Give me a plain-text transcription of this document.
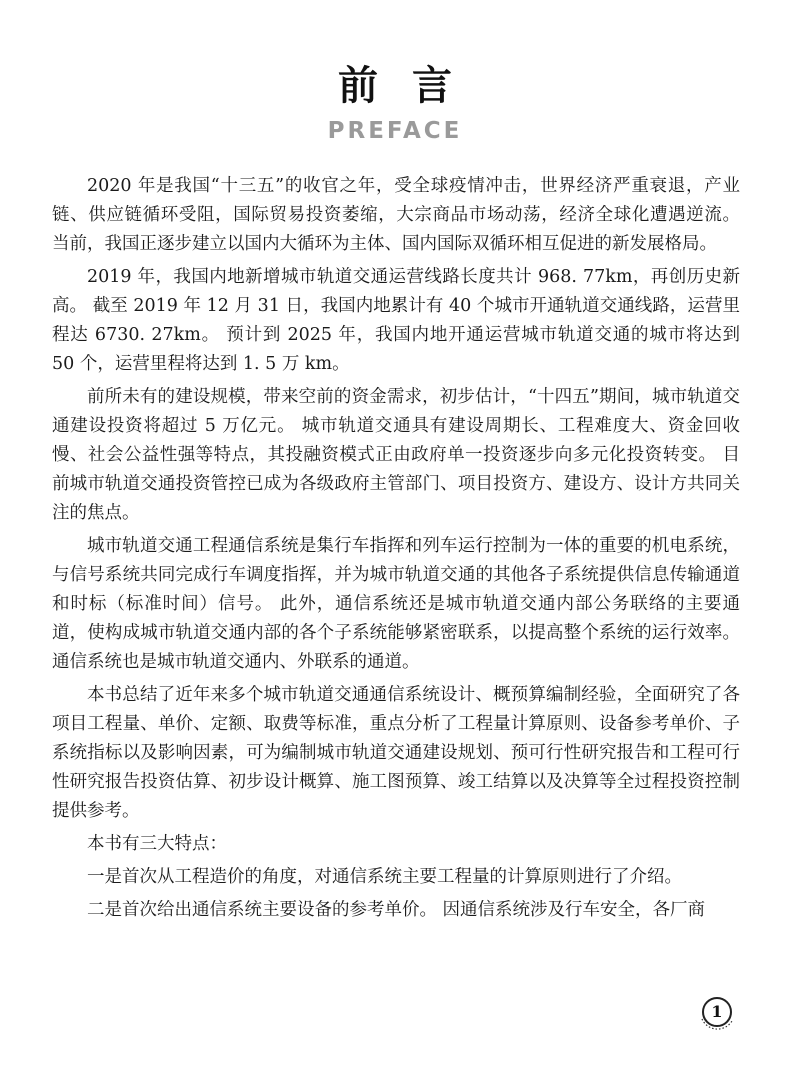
前言
PREFACE

2020 年是我国“十三五”的收官之年，受全球疫情冲击，世界经济严重衰退，产业链、供应链循环受阻，国际贸易投资萎缩，大宗商品市场动荡，经济全球化遭遇逆流。 当前，我国正逐步建立以国内大循环为主体、国内国际双循环相互促进的新发展格局。

2019 年，我国内地新增城市轨道交通运营线路长度共计 968. 77km，再创历史新高。 截至 2019 年 12 月 31 日，我国内地累计有 40 个城市开通轨道交通线路，运营里程达 6730. 27km。 预计到 2025 年，我国内地开通运营城市轨道交通的城市将达到 50 个，运营里程将达到 1. 5 万 km。

前所未有的建设规模，带来空前的资金需求，初步估计，“十四五”期间，城市轨道交通建设投资将超过 5 万亿元。 城市轨道交通具有建设周期长、工程难度大、资金回收慢、社会公益性强等特点，其投融资模式正由政府单一投资逐步向多元化投资转变。 目前城市轨道交通投资管控已成为各级政府主管部门、项目投资方、建设方、设计方共同关注的焦点。

城市轨道交通工程通信系统是集行车指挥和列车运行控制为一体的重要的机电系统，与信号系统共同完成行车调度指挥，并为城市轨道交通的其他各子系统提供信息传输通道和时标（标准时间）信号。 此外，通信系统还是城市轨道交通内部公务联络的主要通道，使构成城市轨道交通内部的各个子系统能够紧密联系，以提高整个系统的运行效率。 通信系统也是城市轨道交通内、外联系的通道。

本书总结了近年来多个城市轨道交通通信系统设计、概预算编制经验，全面研究了各项目工程量、单价、定额、取费等标准，重点分析了工程量计算原则、设备参考单价、子系统指标以及影响因素，可为编制城市轨道交通建设规划、预可行性研究报告和工程可行性研究报告投资估算、初步设计概算、施工图预算、竣工结算以及决算等全过程投资控制提供参考。

本书有三大特点：

一是首次从工程造价的角度，对通信系统主要工程量的计算原则进行了介绍。

二是首次给出通信系统主要设备的参考单价。 因通信系统涉及行车安全，各厂商

1
